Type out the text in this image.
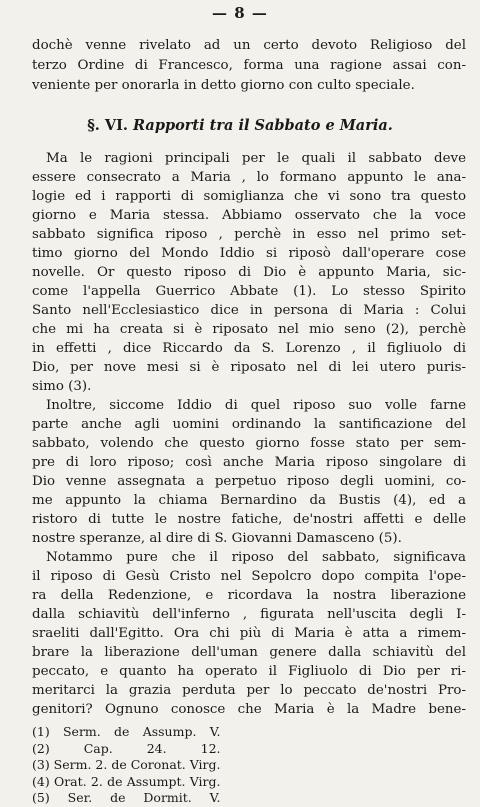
— 8 —
dochè venne rivelato ad un certo devoto Religioso del
terzo Ordine di Francesco, forma una ragione assai con-
veniente per onorarla in detto giorno con culto speciale.
§. VI. Rapporti tra il Sabbato e Maria.
Ma le ragioni principali per le quali il sabbato deve
essere consecrato a Maria , lo formano appunto le ana-
logie ed i rapporti di somiglianza che vi sono tra questo
giorno e Maria stessa. Abbiamo osservato che la voce
sabbato significa riposo , perchè in esso nel primo set-
timo giorno del Mondo Iddio si riposò dall'operare cose
novelle. Or questo riposo di Dio è appunto Maria, sic-
come l'appella Guerrico Abbate (1). Lo stesso Spirito
Santo nell'Ecclesiastico dice in persona di Maria : Colui
che mi ha creata si è riposato nel mio seno (2), perchè
in effetti , dice Riccardo da S. Lorenzo , il figliuolo di
Dio, per nove mesi si è riposato nel di lei utero puris-
simo (3).
Inoltre, siccome Iddio di quel riposo suo volle farne
parte anche agli uomini ordinando la santificazione del
sabbato, volendo che questo giorno fosse stato per sem-
pre di loro riposo; così anche Maria riposo singolare di
Dio venne assegnata a perpetuo riposo degli uomini, co-
me appunto la chiama Bernardino da Bustis (4), ed a
ristoro di tutte le nostre fatiche, de'nostri affetti e delle
nostre speranze, al dire di S. Giovanni Damasceno (5).
Notammo pure che il riposo del sabbato, significava
il riposo di Gesù Cristo nel Sepolcro dopo compita l'ope-
ra della Redenzione, e ricordava la nostra liberazione
dalla schiavitù dell'inferno , figurata nell'uscita degli I-
sraeliti dall'Egitto. Ora chi più di Maria è atta a rimem-
brare la liberazione dell'uman genere dalla schiavitù del
peccato, e quanto ha operato il Figliuolo di Dio per ri-
meritarci la grazia perduta per lo peccato de'nostri Pro-
genitori? Ognuno conosce che Maria è la Madre bene-
(1) Serm. de Assump. V.
(2) Cap. 24. 12.
(3) Serm. 2. de Coronat. Virg.
(4) Orat. 2. de Assumpt. Virg.
(5) Ser. de Dormit. V.
